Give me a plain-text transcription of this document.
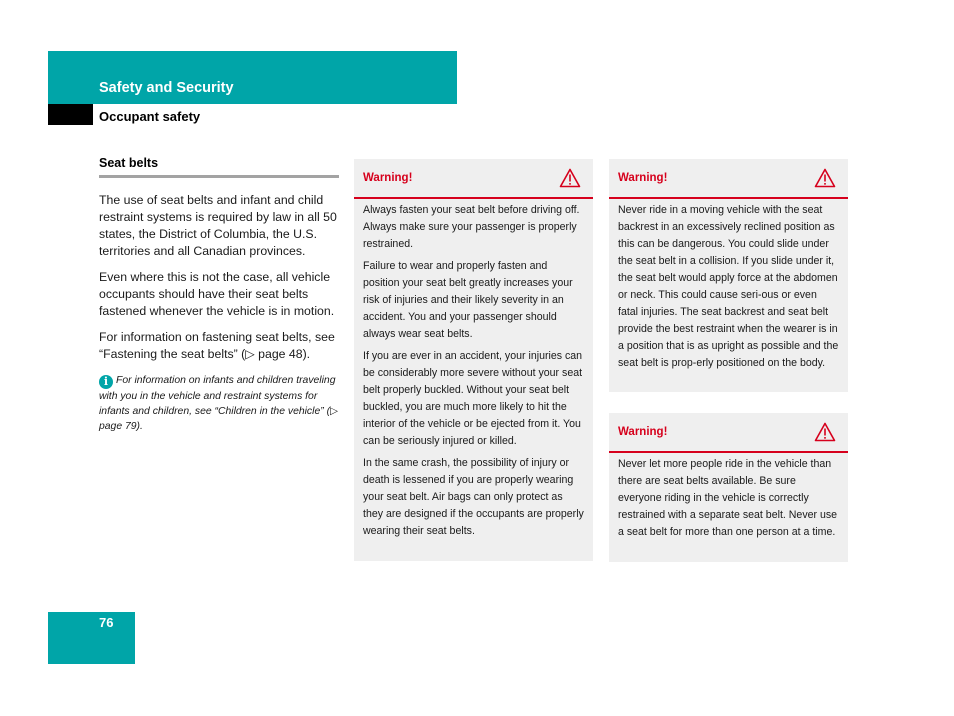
Safety and Security
Occupant safety
Seat belts

The use of seat belts and infant and child restraint systems is required by law in all 50 states, the District of Columbia, the U.S. territories and all Canadian provinces.

Even where this is not the case, all vehicle occupants should have their seat belts fastened whenever the vehicle is in motion.

For information on fastening seat belts, see “Fastening the seat belts” (▷ page 48).

i For information on infants and children traveling with you in the vehicle and restraint systems for infants and children, see “Children in the vehicle” (▷ page 79).
Warning!

Always fasten your seat belt before driving off. Always make sure your passenger is properly restrained.

Failure to wear and properly fasten and position your seat belt greatly increases your risk of injuries and their likely severity in an accident. You and your passenger should always wear seat belts.

If you are ever in an accident, your injuries can be considerably more severe without your seat belt properly buckled. Without your seat belt buckled, you are much more likely to hit the interior of the vehicle or be ejected from it. You can be seriously injured or killed.

In the same crash, the possibility of injury or death is lessened if you are properly wearing your seat belt. Air bags can only protect as they are designed if the occupants are properly wearing their seat belts.

Warning!

Never ride in a moving vehicle with the seat backrest in an excessively reclined position as this can be dangerous. You could slide under the seat belt in a collision. If you slide under it, the seat belt would apply force at the abdomen or neck. This could cause seri-ous or even fatal injuries. The seat backrest and seat belt provide the best restraint when the wearer is in a position that is as upright as possible and the seat belt is prop-erly positioned on the body.

Warning!

Never let more people ride in the vehicle than there are seat belts available. Be sure everyone riding in the vehicle is correctly restrained with a separate seat belt. Never use a seat belt for more than one person at a time.

76
